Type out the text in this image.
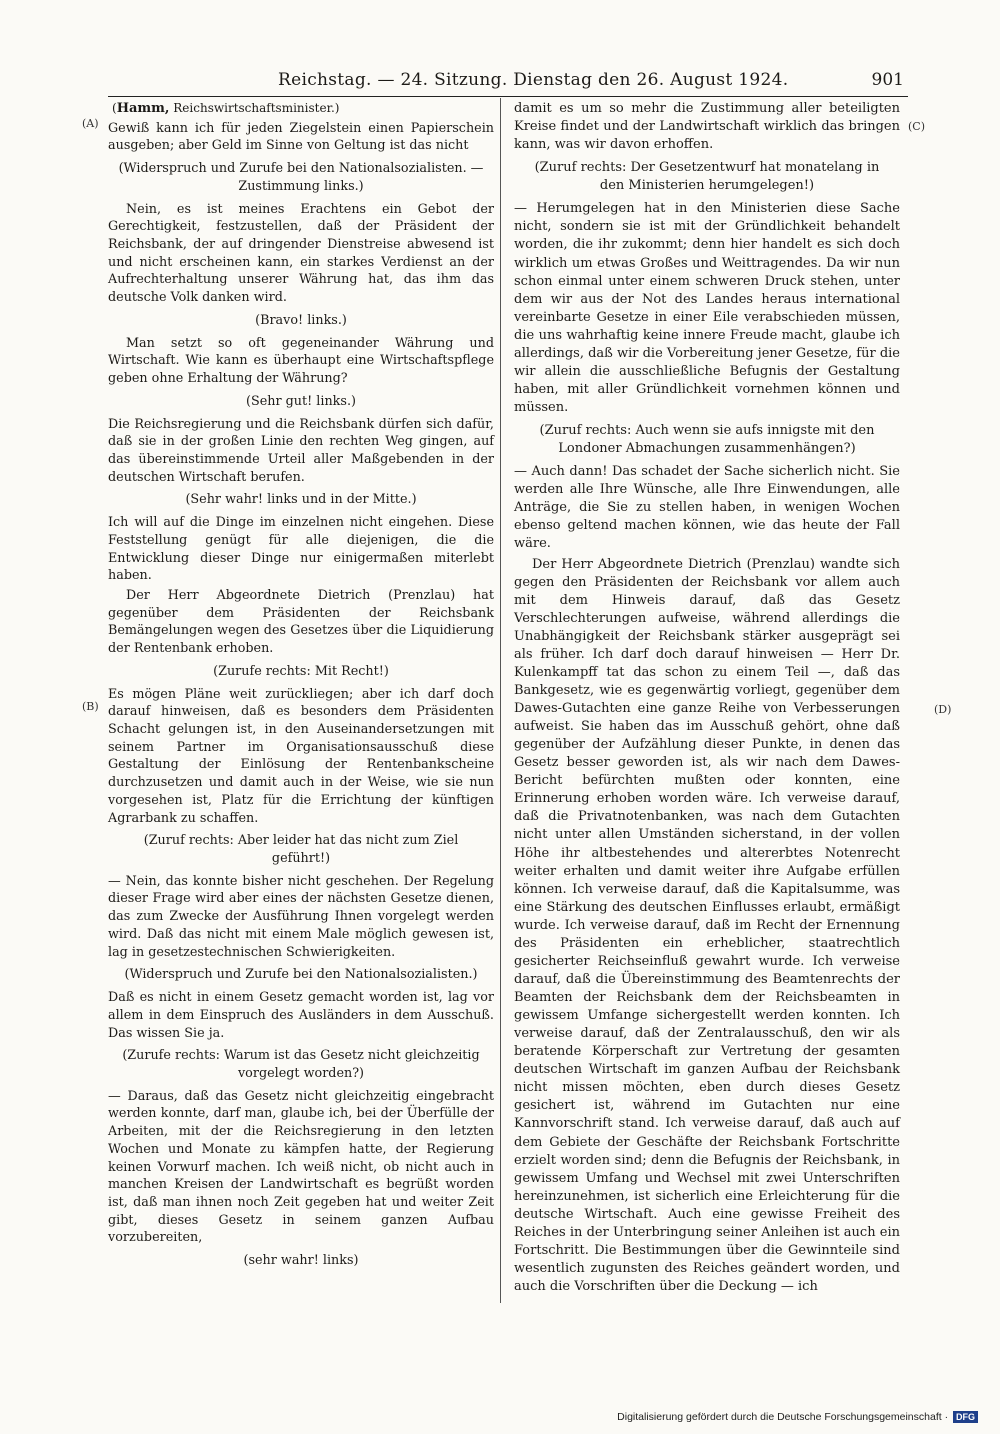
Reichstag. — 24. Sitzung. Dienstag den 26. August 1924.	901
(A)
(B)
(C)
(D)
(Hamm, Reichswirtschaftsminister.)

Gewiß kann ich für jeden Ziegelstein einen Papierschein ausgeben; aber Geld im Sinne von Geltung ist das nicht

(Widerspruch und Zurufe bei den Nationalsozialisten. — Zustimmung links.)

Nein, es ist meines Erachtens ein Gebot der Gerechtigkeit, festzustellen, daß der Präsident der Reichsbank, der auf dringender Dienstreise abwesend ist und nicht erscheinen kann, ein starkes Verdienst an der Aufrechterhaltung unserer Währung hat, das ihm das deutsche Volk danken wird.

(Bravo! links.)

Man setzt so oft gegeneinander Währung und Wirtschaft. Wie kann es überhaupt eine Wirtschaftspflege geben ohne Erhaltung der Währung?

(Sehr gut! links.)

Die Reichsregierung und die Reichsbank dürfen sich dafür, daß sie in der großen Linie den rechten Weg gingen, auf das übereinstimmende Urteil aller Maßgebenden in der deutschen Wirtschaft berufen.

(Sehr wahr! links und in der Mitte.)

Ich will auf die Dinge im einzelnen nicht eingehen. Diese Feststellung genügt für alle diejenigen, die die Entwicklung dieser Dinge nur einigermaßen miterlebt haben.

Der Herr Abgeordnete Dietrich (Prenzlau) hat gegenüber dem Präsidenten der Reichsbank Bemängelungen wegen des Gesetzes über die Liquidierung der Rentenbank erhoben.

(Zurufe rechts: Mit Recht!)

Es mögen Pläne weit zurückliegen; aber ich darf doch darauf hinweisen, daß es besonders dem Präsidenten Schacht gelungen ist, in den Auseinandersetzungen mit seinem Partner im Organisationsausschuß diese Gestaltung der Einlösung der Rentenbankscheine durchzusetzen und damit auch in der Weise, wie sie nun vorgesehen ist, Platz für die Errichtung der künftigen Agrarbank zu schaffen.

(Zuruf rechts: Aber leider hat das nicht zum Ziel geführt!)

— Nein, das konnte bisher nicht geschehen. Der Regelung dieser Frage wird aber eines der nächsten Gesetze dienen, das zum Zwecke der Ausführung Ihnen vorgelegt werden wird. Daß das nicht mit einem Male möglich gewesen ist, lag in gesetzestechnischen Schwierigkeiten.

(Widerspruch und Zurufe bei den Nationalsozialisten.)

Daß es nicht in einem Gesetz gemacht worden ist, lag vor allem in dem Einspruch des Ausländers in dem Ausschuß. Das wissen Sie ja.

(Zurufe rechts: Warum ist das Gesetz nicht gleichzeitig vorgelegt worden?)

— Daraus, daß das Gesetz nicht gleichzeitig eingebracht werden konnte, darf man, glaube ich, bei der Überfülle der Arbeiten, mit der die Reichsregierung in den letzten Wochen und Monate zu kämpfen hatte, der Regierung keinen Vorwurf machen. Ich weiß nicht, ob nicht auch in manchen Kreisen der Landwirtschaft es begrüßt worden ist, daß man ihnen noch Zeit gegeben hat und weiter Zeit gibt, dieses Gesetz in seinem ganzen Aufbau vorzubereiten,

(sehr wahr! links)

damit es um so mehr die Zustimmung aller beteiligten Kreise findet und der Landwirtschaft wirklich das bringen kann, was wir davon erhoffen.

(Zuruf rechts: Der Gesetzentwurf hat monatelang in den Ministerien herumgelegen!)

— Herumgelegen hat in den Ministerien diese Sache nicht, sondern sie ist mit der Gründlichkeit behandelt worden, die ihr zukommt; denn hier handelt es sich doch wirklich um etwas Großes und Weittragendes. Da wir nun schon einmal unter einem schweren Druck stehen, unter dem wir aus der Not des Landes heraus international vereinbarte Gesetze in einer Eile verabschieden müssen, die uns wahrhaftig keine innere Freude macht, glaube ich allerdings, daß wir die Vorbereitung jener Gesetze, für die wir allein die ausschließliche Befugnis der Gestaltung haben, mit aller Gründlichkeit vornehmen können und müssen.

(Zuruf rechts: Auch wenn sie aufs innigste mit den Londoner Abmachungen zusammenhängen?)

— Auch dann! Das schadet der Sache sicherlich nicht. Sie werden alle Ihre Wünsche, alle Ihre Einwendungen, alle Anträge, die Sie zu stellen haben, in wenigen Wochen ebenso geltend machen können, wie das heute der Fall wäre.

Der Herr Abgeordnete Dietrich (Prenzlau) wandte sich gegen den Präsidenten der Reichsbank vor allem auch mit dem Hinweis darauf, daß das Gesetz Verschlechterungen aufweise, während allerdings die Unabhängigkeit der Reichsbank stärker ausgeprägt sei als früher. Ich darf doch darauf hinweisen — Herr Dr. Kulenkampff tat das schon zu einem Teil —, daß das Bankgesetz, wie es gegenwärtig vorliegt, gegenüber dem Dawes-Gutachten eine ganze Reihe von Verbesserungen aufweist. Sie haben das im Ausschuß gehört, ohne daß gegenüber der Aufzählung dieser Punkte, in denen das Gesetz besser geworden ist, als wir nach dem Dawes-Bericht befürchten mußten oder konnten, eine Erinnerung erhoben worden wäre. Ich verweise darauf, daß die Privatnotenbanken, was nach dem Gutachten nicht unter allen Umständen sicherstand, in der vollen Höhe ihr altbestehendes und altererbtes Notenrecht weiter erhalten und damit weiter ihre Aufgabe erfüllen können. Ich verweise darauf, daß die Kapitalsumme, was eine Stärkung des deutschen Einflusses erlaubt, ermäßigt wurde. Ich verweise darauf, daß im Recht der Ernennung des Präsidenten ein erheblicher, staatrechtlich gesicherter Reichseinfluß gewahrt wurde. Ich verweise darauf, daß die Übereinstimmung des Beamtenrechts der Beamten der Reichsbank dem der Reichsbeamten in gewissem Umfange sichergestellt werden konnten. Ich verweise darauf, daß der Zentralausschuß, den wir als beratende Körperschaft zur Vertretung der gesamten deutschen Wirtschaft im ganzen Aufbau der Reichsbank nicht missen möchten, eben durch dieses Gesetz gesichert ist, während im Gutachten nur eine Kannvorschrift stand. Ich verweise darauf, daß auch auf dem Gebiete der Geschäfte der Reichsbank Fortschritte erzielt worden sind; denn die Befugnis der Reichsbank, in gewissem Umfang und Wechsel mit zwei Unterschriften hereinzunehmen, ist sicherlich eine Erleichterung für die deutsche Wirtschaft. Auch eine gewisse Freiheit des Reiches in der Unterbringung seiner Anleihen ist auch ein Fortschritt. Die Bestimmungen über die Gewinnteile sind wesentlich zugunsten des Reiches geändert worden, und auch die Vorschriften über die Deckung — ich

Digitalisierung gefördert durch die Deutsche Forschungsgemeinschaft · DFG
